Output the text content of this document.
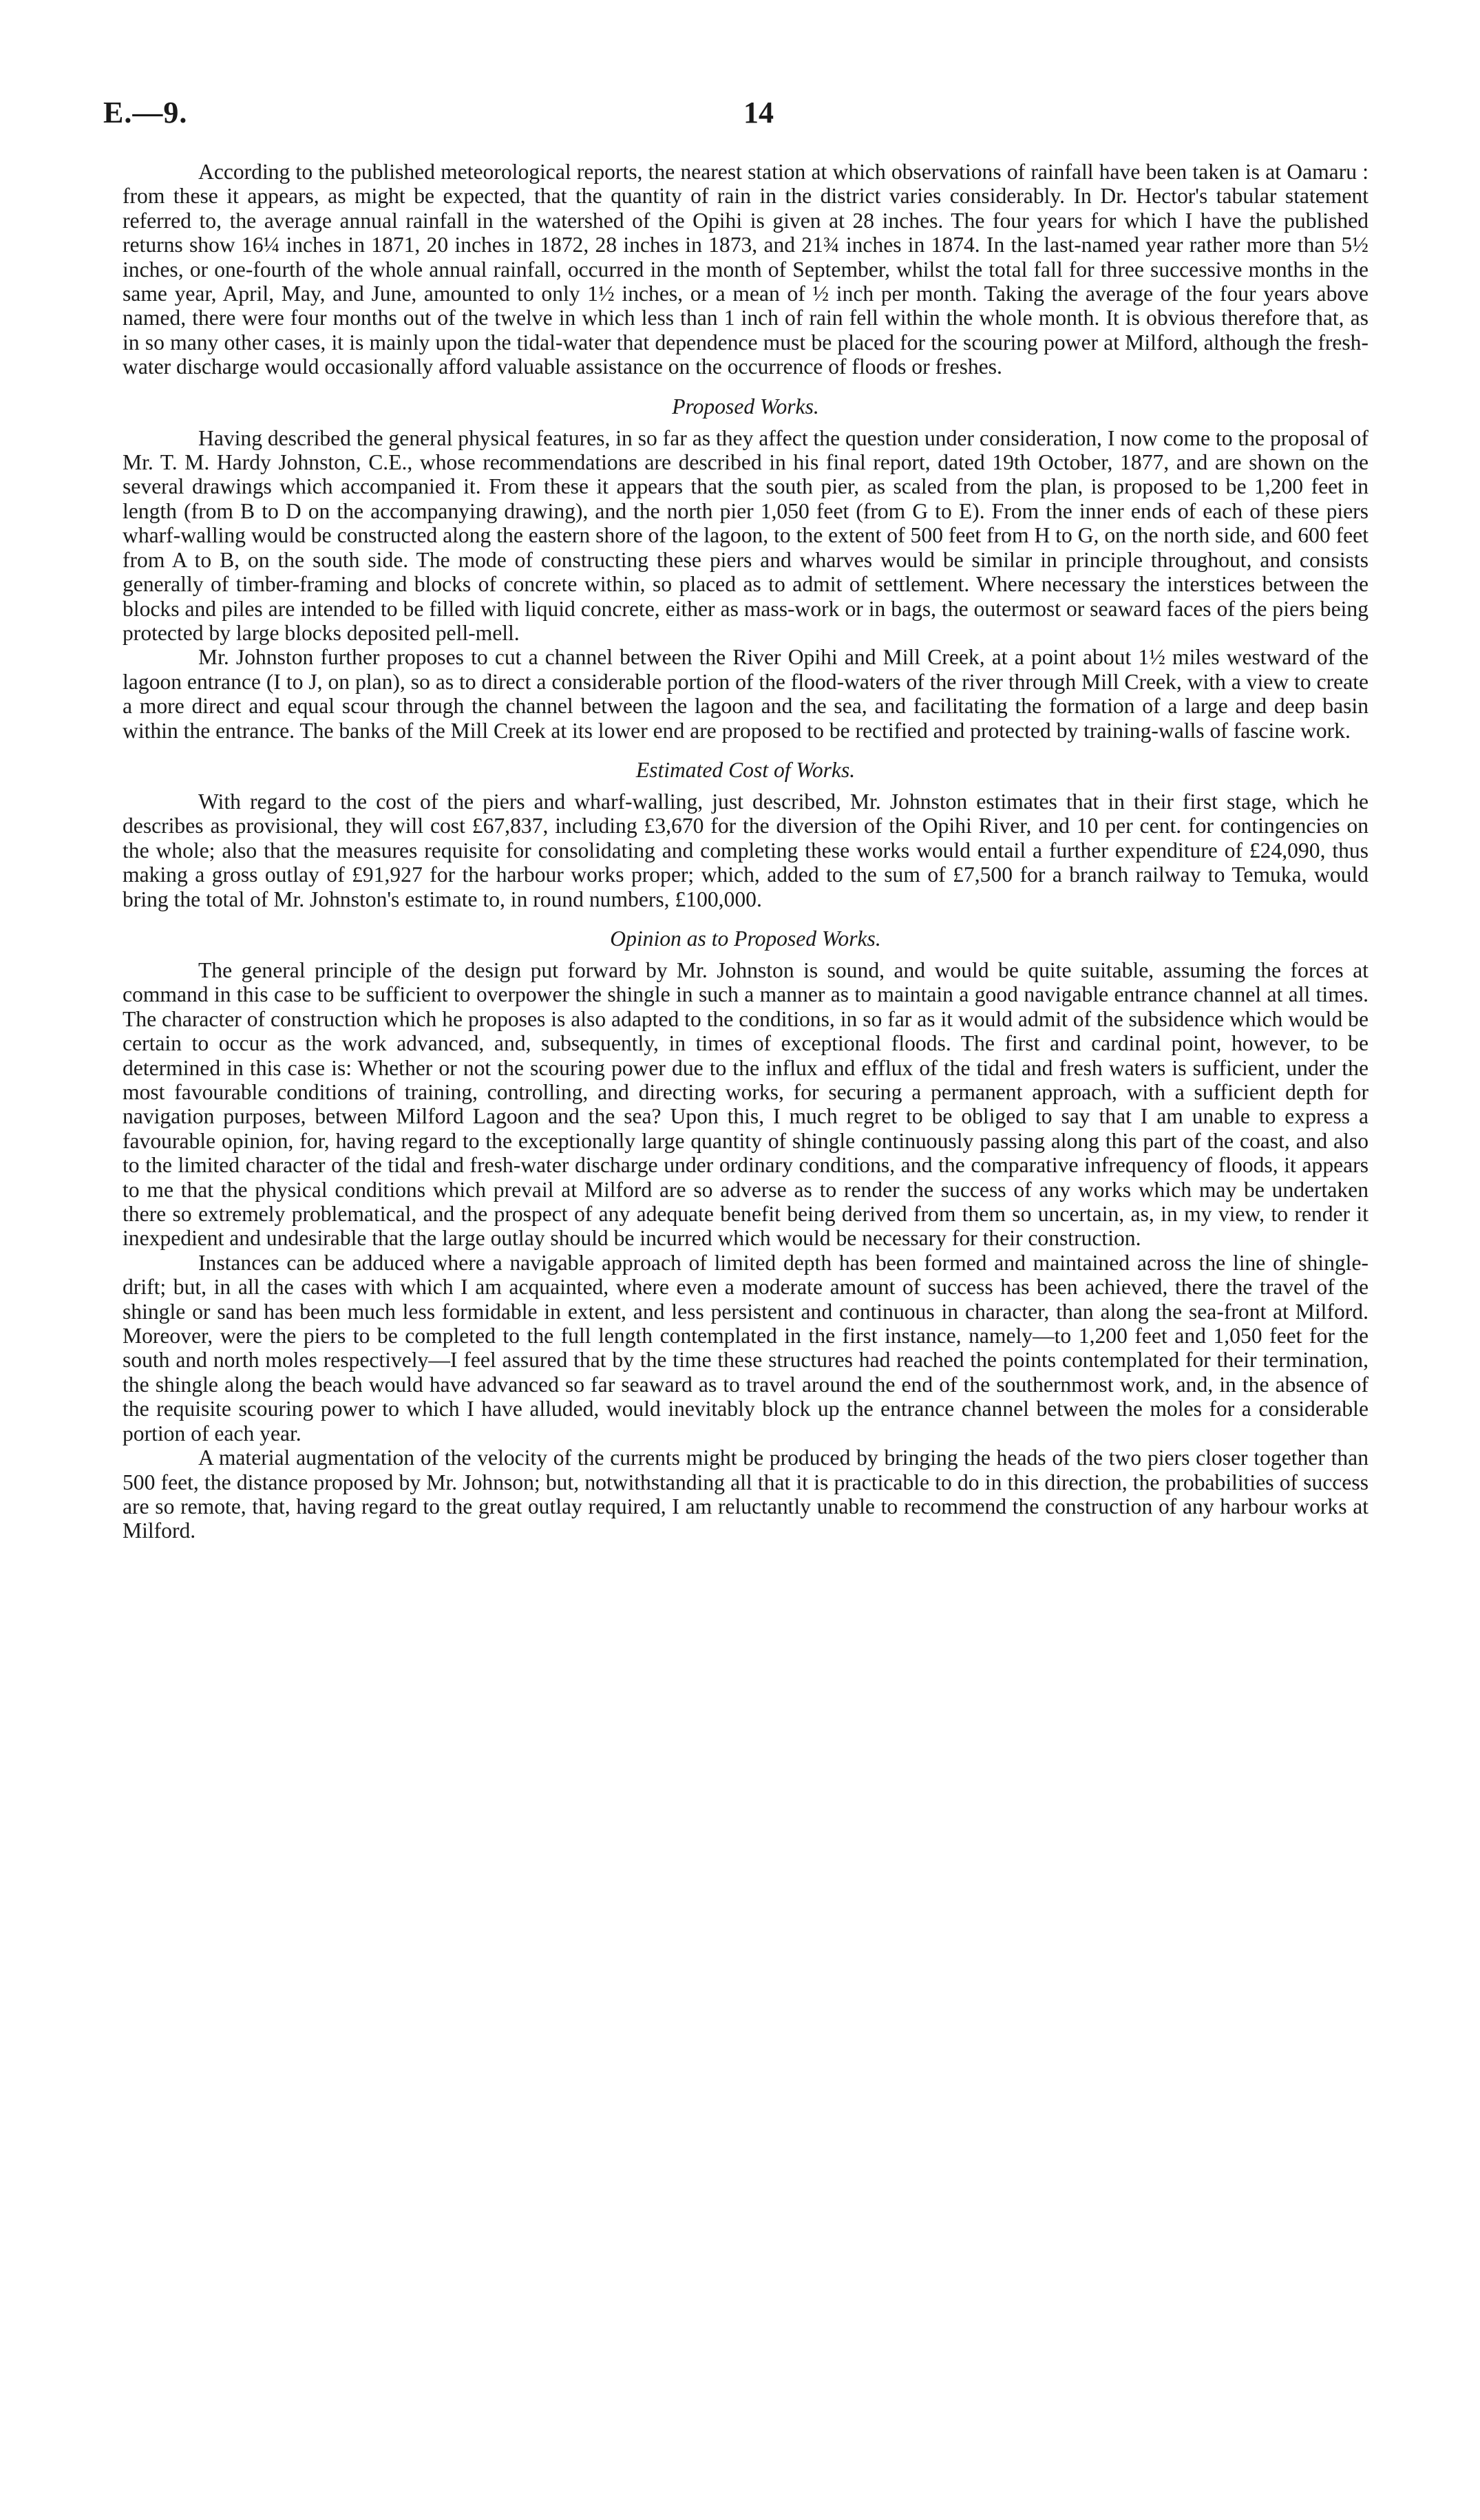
E.—9.	14

According to the published meteorological reports, the nearest station at which observations of rainfall have been taken is at Oamaru : from these it appears, as might be expected, that the quantity of rain in the district varies considerably. In Dr. Hector's tabular statement referred to, the average annual rainfall in the watershed of the Opihi is given at 28 inches. The four years for which I have the published returns show 16¼ inches in 1871, 20 inches in 1872, 28 inches in 1873, and 21¾ inches in 1874. In the last-named year rather more than 5½ inches, or one-fourth of the whole annual rainfall, occurred in the month of September, whilst the total fall for three successive months in the same year, April, May, and June, amounted to only 1½ inches, or a mean of ½ inch per month. Taking the average of the four years above named, there were four months out of the twelve in which less than 1 inch of rain fell within the whole month. It is obvious therefore that, as in so many other cases, it is mainly upon the tidal-water that dependence must be placed for the scouring power at Milford, although the fresh-water discharge would occasionally afford valuable assistance on the occurrence of floods or freshes.

Proposed Works.

Having described the general physical features, in so far as they affect the question under consideration, I now come to the proposal of Mr. T. M. Hardy Johnston, C.E., whose recommendations are described in his final report, dated 19th October, 1877, and are shown on the several drawings which accompanied it. From these it appears that the south pier, as scaled from the plan, is proposed to be 1,200 feet in length (from B to D on the accompanying drawing), and the north pier 1,050 feet (from G to E). From the inner ends of each of these piers wharf-walling would be constructed along the eastern shore of the lagoon, to the extent of 500 feet from H to G, on the north side, and 600 feet from A to B, on the south side. The mode of constructing these piers and wharves would be similar in principle throughout, and consists generally of timber-framing and blocks of concrete within, so placed as to admit of settlement. Where necessary the interstices between the blocks and piles are intended to be filled with liquid concrete, either as mass-work or in bags, the outermost or seaward faces of the piers being protected by large blocks deposited pell-mell.

Mr. Johnston further proposes to cut a channel between the River Opihi and Mill Creek, at a point about 1½ miles westward of the lagoon entrance (I to J, on plan), so as to direct a considerable portion of the flood-waters of the river through Mill Creek, with a view to create a more direct and equal scour through the channel between the lagoon and the sea, and facilitating the formation of a large and deep basin within the entrance. The banks of the Mill Creek at its lower end are proposed to be rectified and protected by training-walls of fascine work.

Estimated Cost of Works.

With regard to the cost of the piers and wharf-walling, just described, Mr. Johnston estimates that in their first stage, which he describes as provisional, they will cost £67,837, including £3,670 for the diversion of the Opihi River, and 10 per cent. for contingencies on the whole; also that the measures requisite for consolidating and completing these works would entail a further expenditure of £24,090, thus making a gross outlay of £91,927 for the harbour works proper; which, added to the sum of £7,500 for a branch railway to Temuka, would bring the total of Mr. Johnston's estimate to, in round numbers, £100,000.

Opinion as to Proposed Works.

The general principle of the design put forward by Mr. Johnston is sound, and would be quite suitable, assuming the forces at command in this case to be sufficient to overpower the shingle in such a manner as to maintain a good navigable entrance channel at all times. The character of construction which he proposes is also adapted to the conditions, in so far as it would admit of the subsidence which would be certain to occur as the work advanced, and, subsequently, in times of exceptional floods. The first and cardinal point, however, to be determined in this case is: Whether or not the scouring power due to the influx and efflux of the tidal and fresh waters is sufficient, under the most favourable conditions of training, controlling, and directing works, for securing a permanent approach, with a sufficient depth for navigation purposes, between Milford Lagoon and the sea? Upon this, I much regret to be obliged to say that I am unable to express a favourable opinion, for, having regard to the exceptionally large quantity of shingle continuously passing along this part of the coast, and also to the limited character of the tidal and fresh-water discharge under ordinary conditions, and the comparative infrequency of floods, it appears to me that the physical conditions which prevail at Milford are so adverse as to render the success of any works which may be undertaken there so extremely problematical, and the prospect of any adequate benefit being derived from them so uncertain, as, in my view, to render it inexpedient and undesirable that the large outlay should be incurred which would be necessary for their construction.

Instances can be adduced where a navigable approach of limited depth has been formed and maintained across the line of shingle-drift; but, in all the cases with which I am acquainted, where even a moderate amount of success has been achieved, there the travel of the shingle or sand has been much less formidable in extent, and less persistent and continuous in character, than along the sea-front at Milford. Moreover, were the piers to be completed to the full length contemplated in the first instance, namely—to 1,200 feet and 1,050 feet for the south and north moles respectively—I feel assured that by the time these structures had reached the points contemplated for their termination, the shingle along the beach would have advanced so far seaward as to travel around the end of the southernmost work, and, in the absence of the requisite scouring power to which I have alluded, would inevitably block up the entrance channel between the moles for a considerable portion of each year.

A material augmentation of the velocity of the currents might be produced by bringing the heads of the two piers closer together than 500 feet, the distance proposed by Mr. Johnson; but, notwithstanding all that it is practicable to do in this direction, the probabilities of success are so remote, that, having regard to the great outlay required, I am reluctantly unable to recommend the construction of any harbour works at Milford.
